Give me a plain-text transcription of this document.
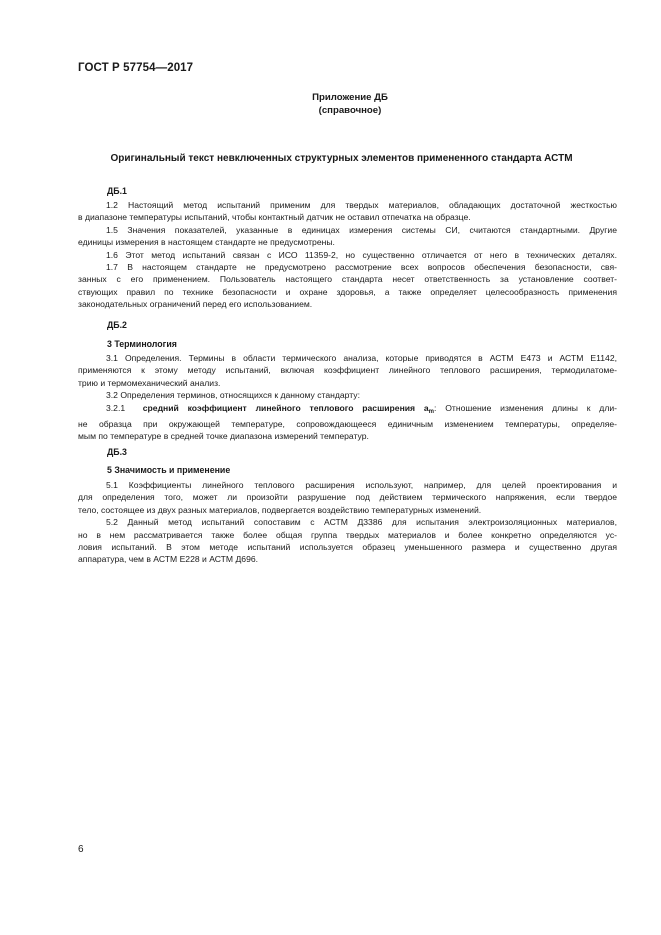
ГОСТ Р 57754—2017
Приложение ДБ
(справочное)
Оригинальный текст невключенных структурных элементов примененного стандарта АСТМ
ДБ.1
1.2 Настоящий метод испытаний применим для твердых материалов, обладающих достаточной жесткостью
в диапазоне температуры испытаний, чтобы контактный датчик не оставил отпечатка на образце.
1.5 Значения показателей, указанные в единицах измерения системы СИ, считаются стандартными. Другие
единицы измерения в настоящем стандарте не предусмотрены.
1.6 Этот метод испытаний связан с ИСО 11359-2, но существенно отличается от него в технических деталях.
1.7 В настоящем стандарте не предусмотрено рассмотрение всех вопросов обеспечения безопасности, свя-
занных с его применением. Пользователь настоящего стандарта несет ответственность за установление соответ-
ствующих правил по технике безопасности и охране здоровья, а также определяет целесообразность применения
законодательных ограничений перед его использованием.
ДБ.2
3 Терминология
3.1 Определения. Термины в области термического анализа, которые приводятся в АСТМ Е473 и АСТМ Е1142,
применяются к этому методу испытаний, включая коэффициент линейного теплового расширения, термодилатоме-
трию и термомеханический анализ.
3.2 Определения терминов, относящихся к данному стандарту:
3.2.1 средний коэффициент линейного теплового расширения $a_m$: Отношение изменения длины к дли-
не образца при окружающей температуре, сопровождающееся единичным изменением температуры, определяе-
мым по температуре в средней точке диапазона измерений температур.
ДБ.3
5 Значимость и применение
5.1 Коэффициенты линейного теплового расширения используют, например, для целей проектирования и
для определения того, может ли произойти разрушение под действием термического напряжения, если твердое
тело, состоящее из двух разных материалов, подвергается воздействию температурных изменений.
5.2 Данный метод испытаний сопоставим с АСТМ Д3386 для испытания электроизоляционных материалов,
но в нем рассматривается также более общая группа твердых материалов и более конкретно определяются ус-
ловия испытаний. В этом методе испытаний используется образец уменьшенного размера и существенно другая
аппаратура, чем в АСТМ Е228 и АСТМ Д696.
6
